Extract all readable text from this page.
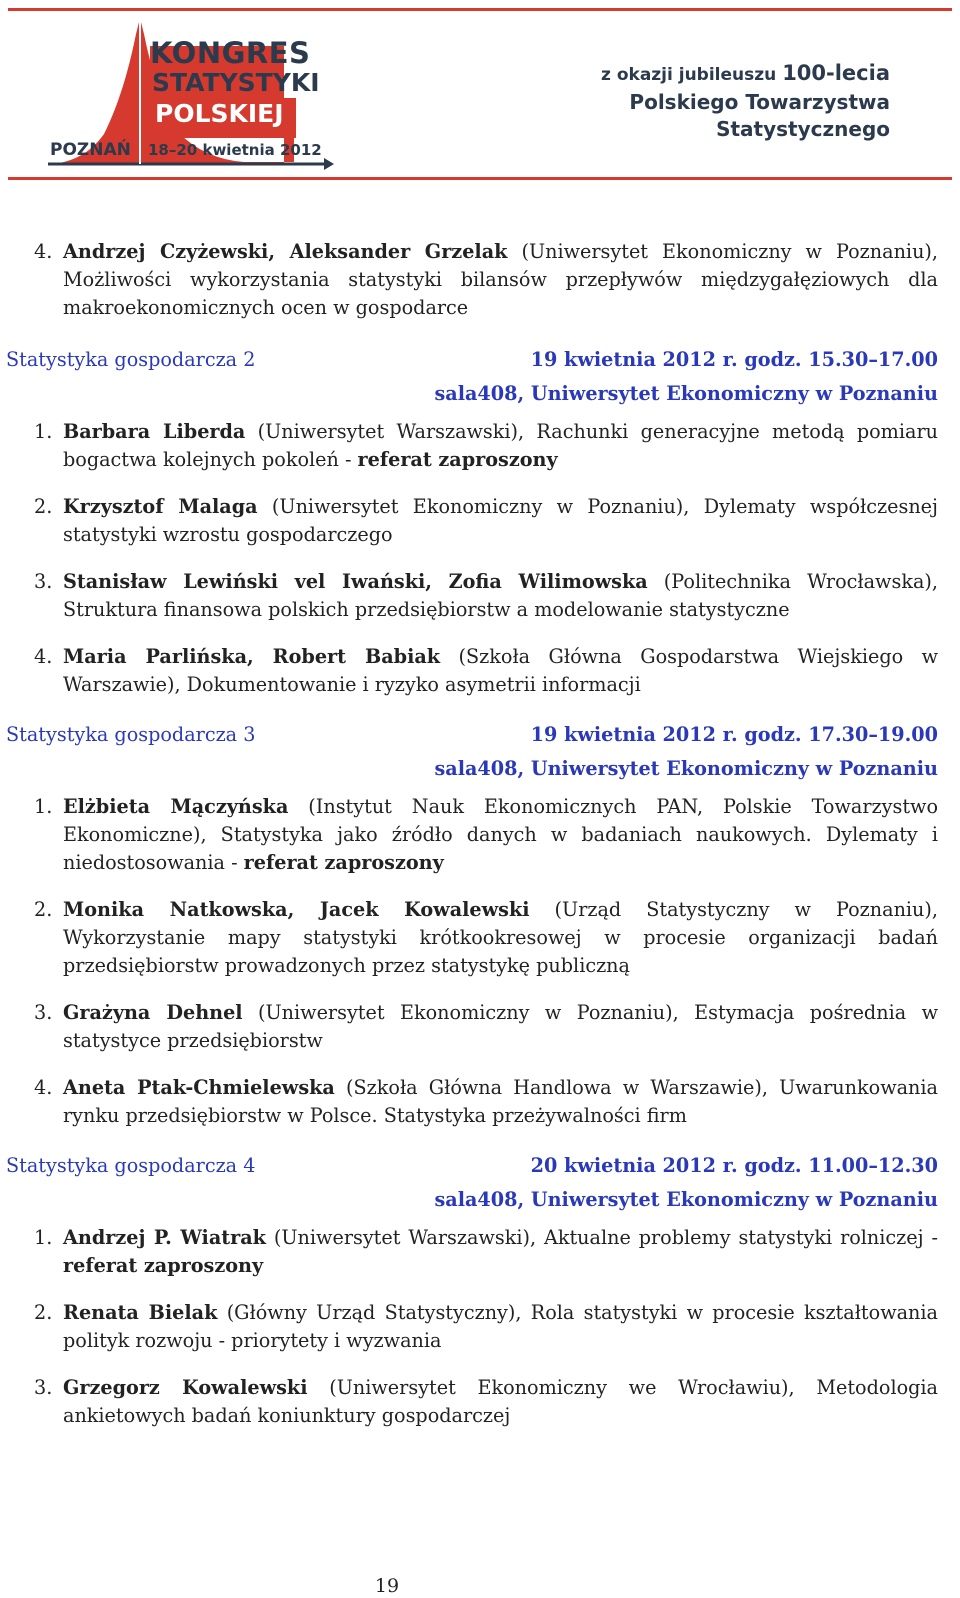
KONGRES
STATYSTYKI
POLSKIEJ
POZNAŃ 18–20 kwietnia 2012
z okazji jubileuszu 100-lecia
Polskiego Towarzystwa
Statystycznego
4. Andrzej Czyżewski, Aleksander Grzelak (Uniwersytet Ekonomiczny w Poznaniu), Możliwości wykorzystania statystyki bilansów przepływów międzygałęziowych dla makroekonomicznych ocen w gospodarce
Statystyka gospodarcza 2	19 kwietnia 2012 r. godz. 15.30–17.00
sala408, Uniwersytet Ekonomiczny w Poznaniu
1. Barbara Liberda (Uniwersytet Warszawski), Rachunki generacyjne metodą pomiaru bogactwa kolejnych pokoleń - referat zaproszony
2. Krzysztof Malaga (Uniwersytet Ekonomiczny w Poznaniu), Dylematy współczesnej statystyki wzrostu gospodarczego
3. Stanisław Lewiński vel Iwański, Zofia Wilimowska (Politechnika Wrocławska), Struktura finansowa polskich przedsiębiorstw a modelowanie statystyczne
4. Maria Parlińska, Robert Babiak (Szkoła Główna Gospodarstwa Wiejskiego w Warszawie), Dokumentowanie i ryzyko asymetrii informacji
Statystyka gospodarcza 3	19 kwietnia 2012 r. godz. 17.30–19.00
sala408, Uniwersytet Ekonomiczny w Poznaniu
1. Elżbieta Mączyńska (Instytut Nauk Ekonomicznych PAN, Polskie Towarzystwo Ekonomiczne), Statystyka jako źródło danych w badaniach naukowych. Dylematy i niedostosowania - referat zaproszony
2. Monika Natkowska, Jacek Kowalewski (Urząd Statystyczny w Poznaniu), Wykorzystanie mapy statystyki krótkookresowej w procesie organizacji badań przedsiębiorstw prowadzonych przez statystykę publiczną
3. Grażyna Dehnel (Uniwersytet Ekonomiczny w Poznaniu), Estymacja pośrednia w statystyce przedsiębiorstw
4. Aneta Ptak-Chmielewska (Szkoła Główna Handlowa w Warszawie), Uwarunkowania rynku przedsiębiorstw w Polsce. Statystyka przeżywalności firm
Statystyka gospodarcza 4	20 kwietnia 2012 r. godz. 11.00–12.30
sala408, Uniwersytet Ekonomiczny w Poznaniu
1. Andrzej P. Wiatrak (Uniwersytet Warszawski), Aktualne problemy statystyki rolniczej - referat zaproszony
2. Renata Bielak (Główny Urząd Statystyczny), Rola statystyki w procesie kształtowania polityk rozwoju - priorytety i wyzwania
3. Grzegorz Kowalewski (Uniwersytet Ekonomiczny we Wrocławiu), Metodologia ankietowych badań koniunktury gospodarczej
19
